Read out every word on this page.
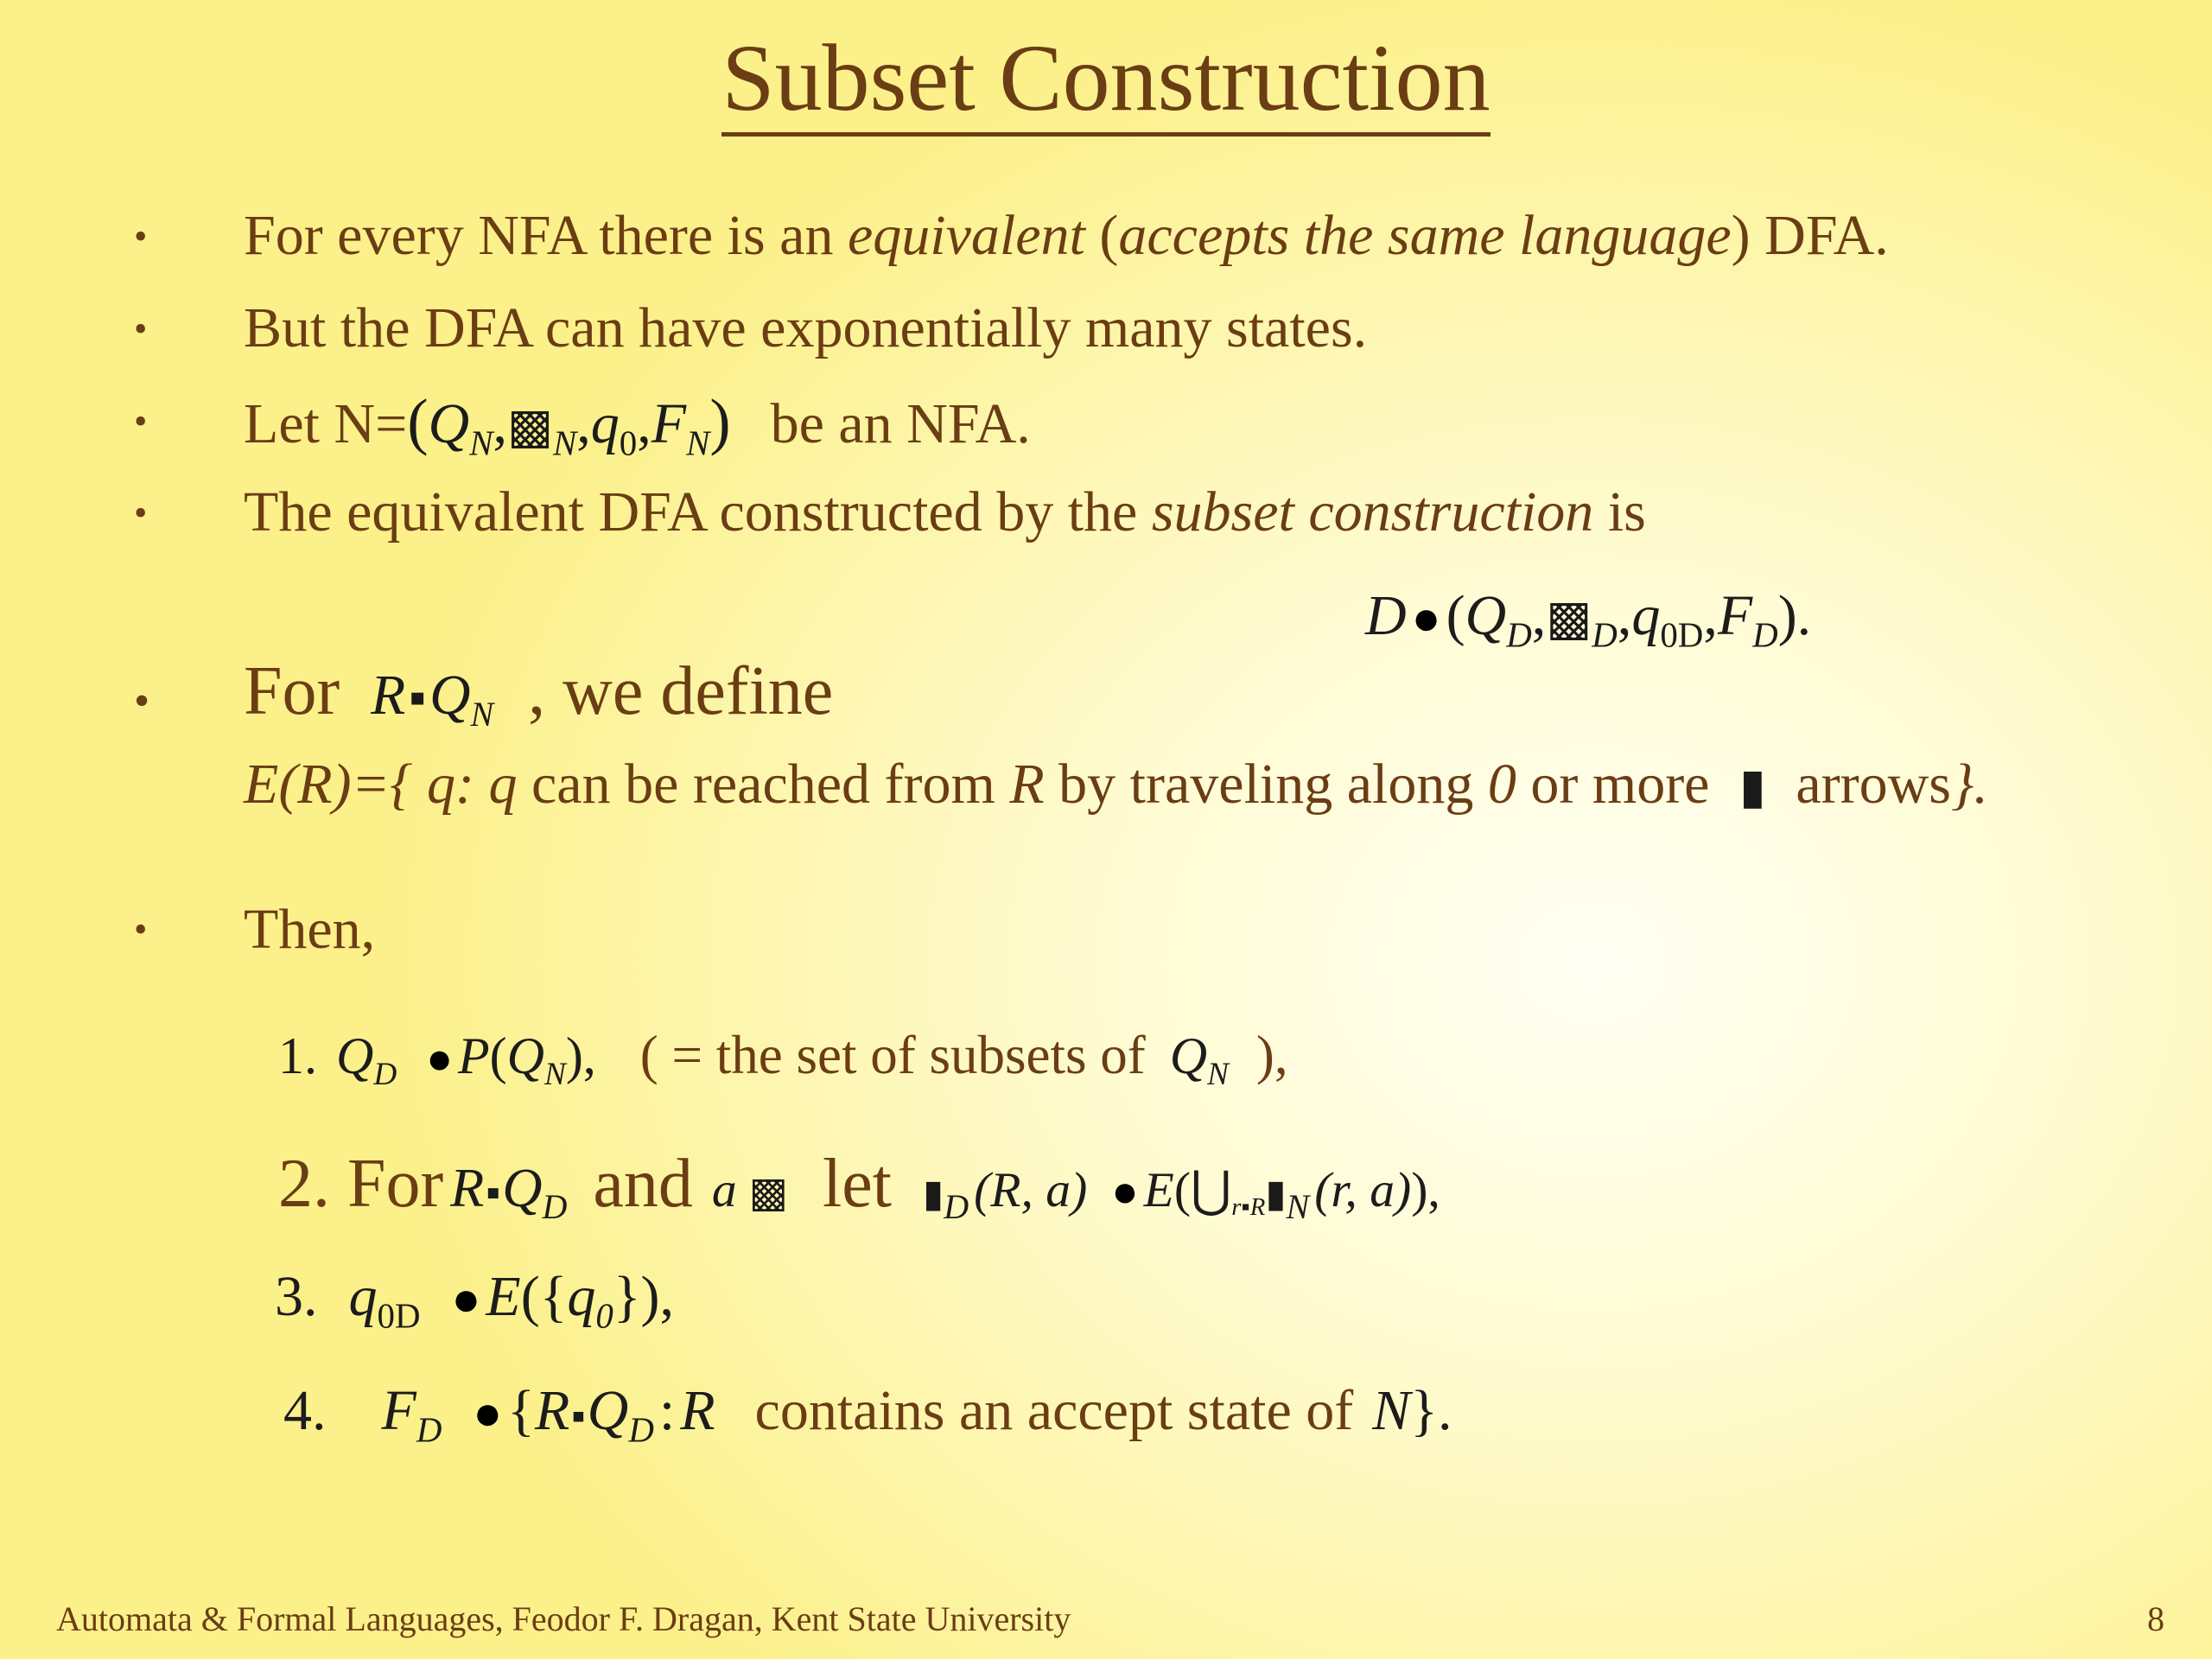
Subset Construction
• For every NFA there is an equivalent (accepts the same language) DFA.
• But the DFA can have exponentially many states.
• Let $N=(Q_N,▩_N,q_0,F_N)$ be an NFA.
• The equivalent DFA constructed by the subset construction is
D $●(Q_D,▩_D,q_{0D},F_D)$.
• For $R▪Q_N$ , we define
E(R)={ q: q can be reached from R by traveling along 0 or more ▮ arrows}.
• Then,
1. $Q_D$ ● $P(Q_N)$, ( = the set of subsets of $Q_N$ ),
2. For $R▪Q_D$ and a ▩ let $▮_D$ (R, a) ● $E(⋃_{r▪R}▮_N$ (r, a)),
3. $q_{0D}$ $●E(\{q_0\})$,
4. $F_D$ $●\{R▪Q_D:R$ contains an accept state of N}.
Automata & Formal Languages, Feodor F. Dragan, Kent State University	8
